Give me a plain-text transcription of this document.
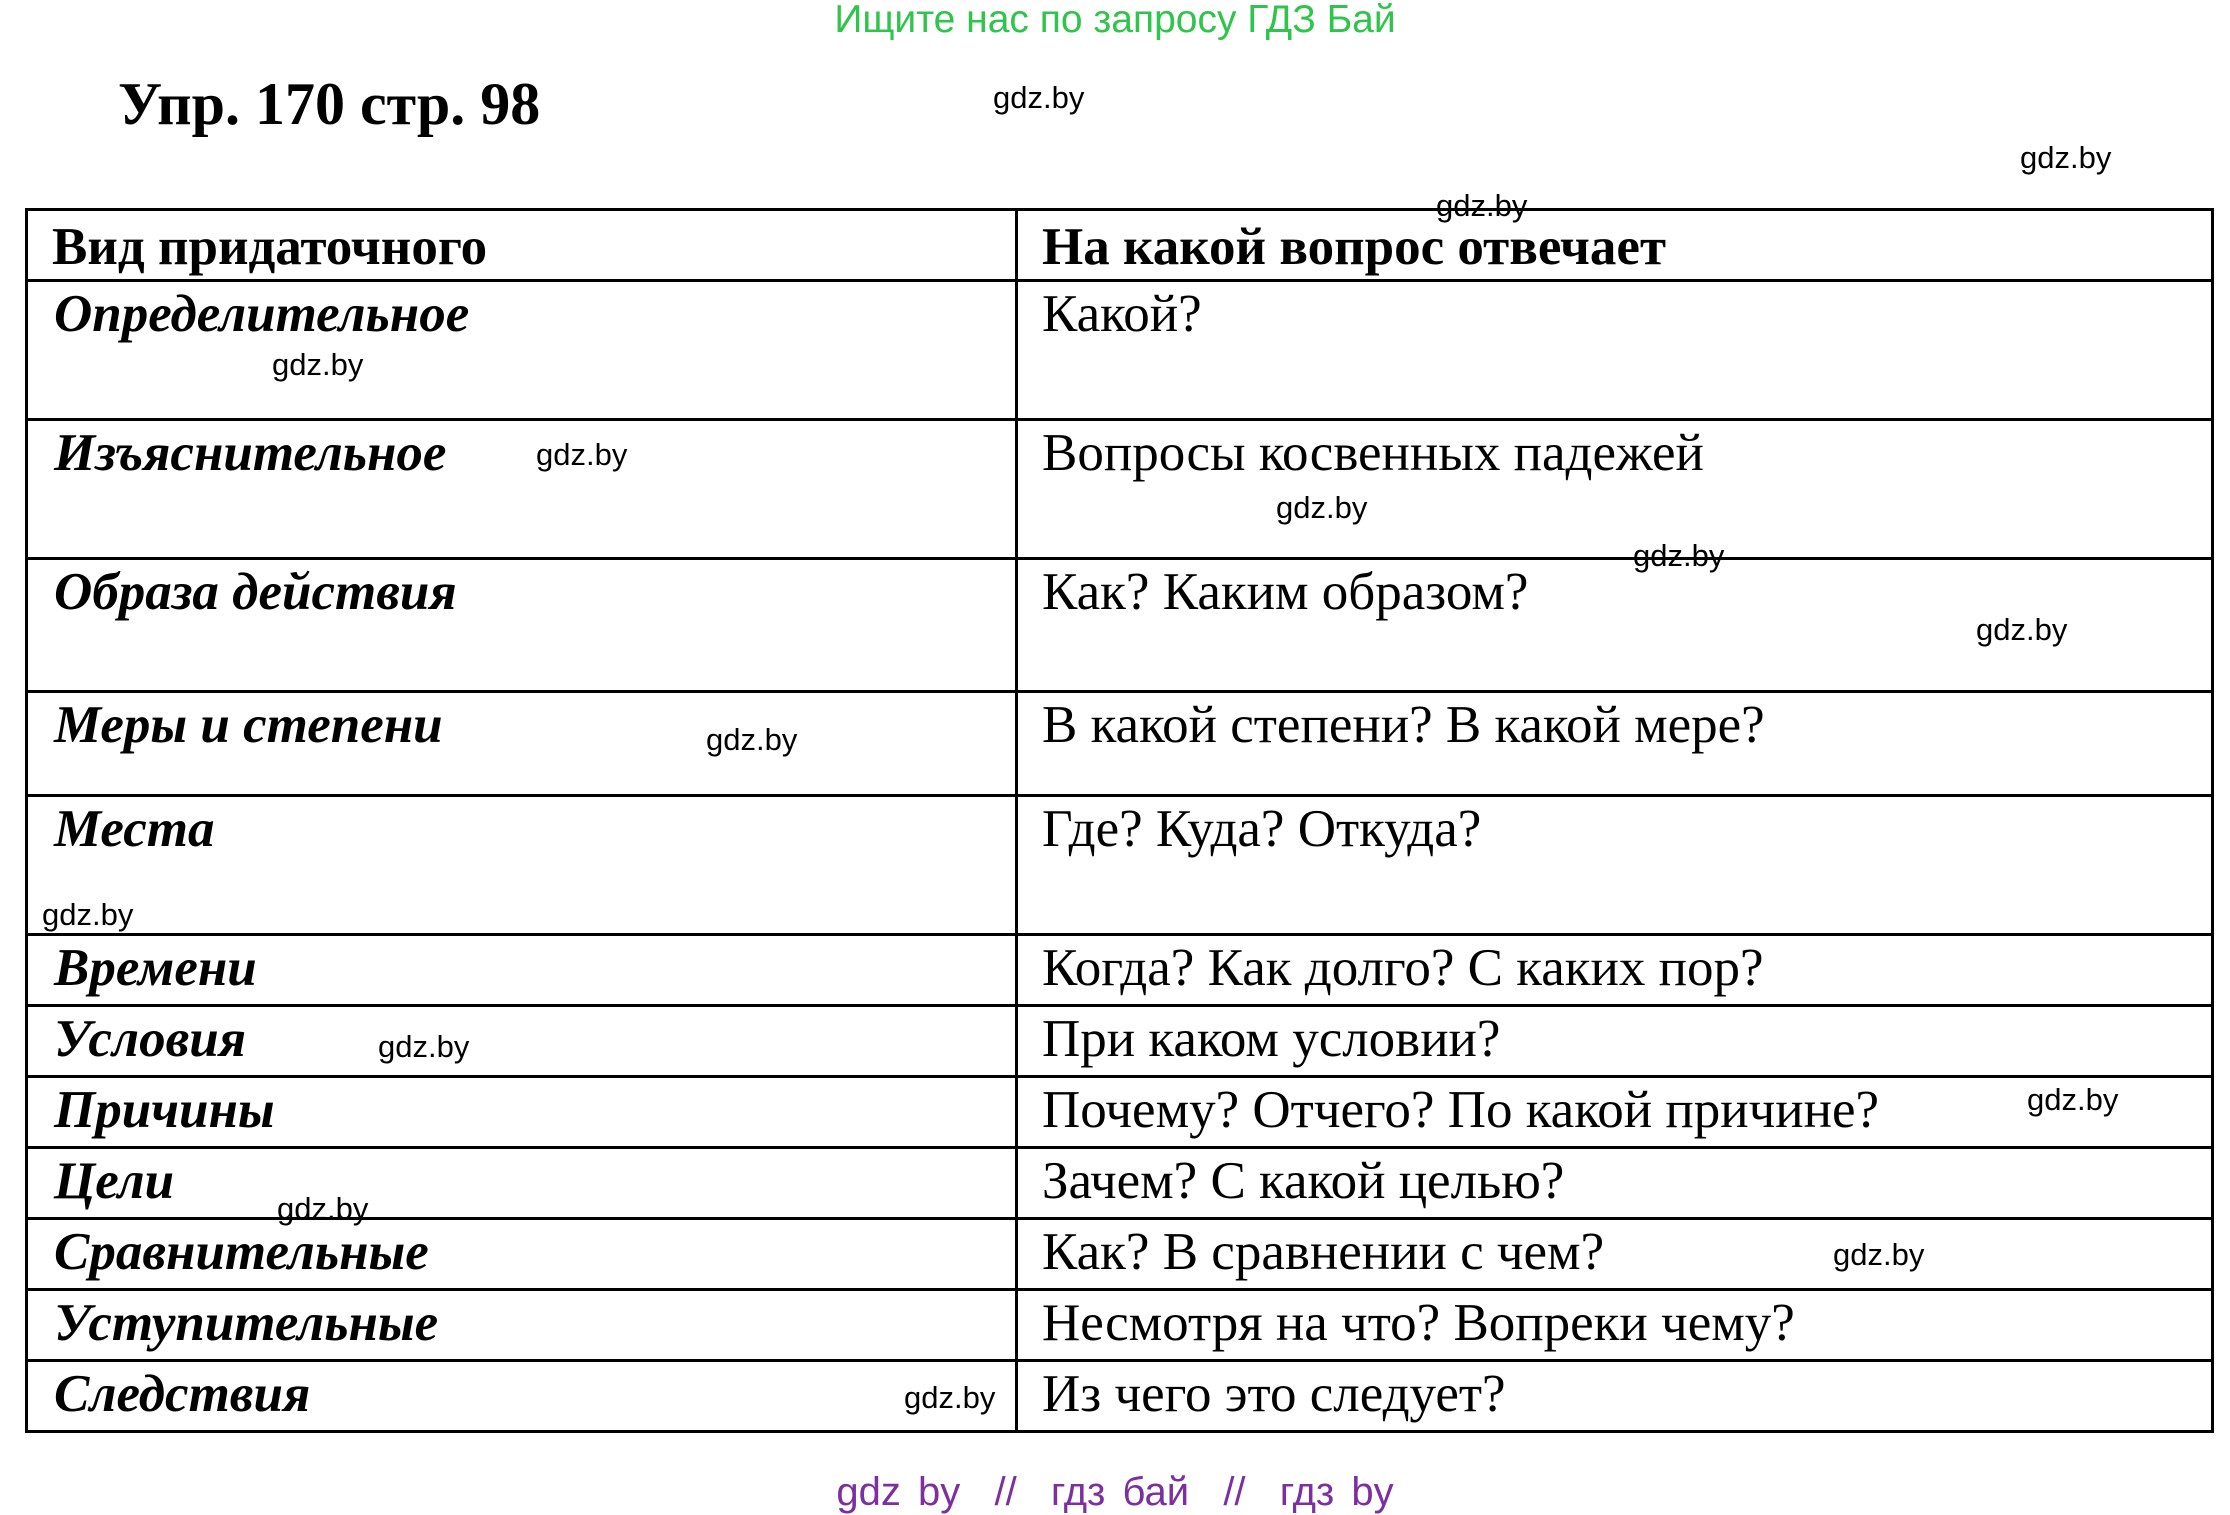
Ищите нас по запросу ГДЗ Бай
Упр. 170 стр. 98
Вид придаточного	На какой вопрос отвечает
Определительное	Какой?
Изъяснительное	Вопросы косвенных падежей
Образа действия	Как? Каким образом?
Меры и степени	В какой степени? В какой мере?
Места	Где? Куда? Откуда?
Времени	Когда? Как долго? С каких пор?
Условия	При каком условии?
Причины	Почему? Отчего? По какой причине?
Цели	Зачем? С какой целью?
Сравнительные	Как? В сравнении с чем?
Уступительные	Несмотря на что? Вопреки чему?
Следствия	Из чего это следует?
gdz.by
gdz.by
gdz.by
gdz.by
gdz.by
gdz.by
gdz.by
gdz.by
gdz.by
gdz.by
gdz.by
gdz.by
gdz.by
gdz.by
gdz.by
gdz by  //  гдз бай  //  гдз by
